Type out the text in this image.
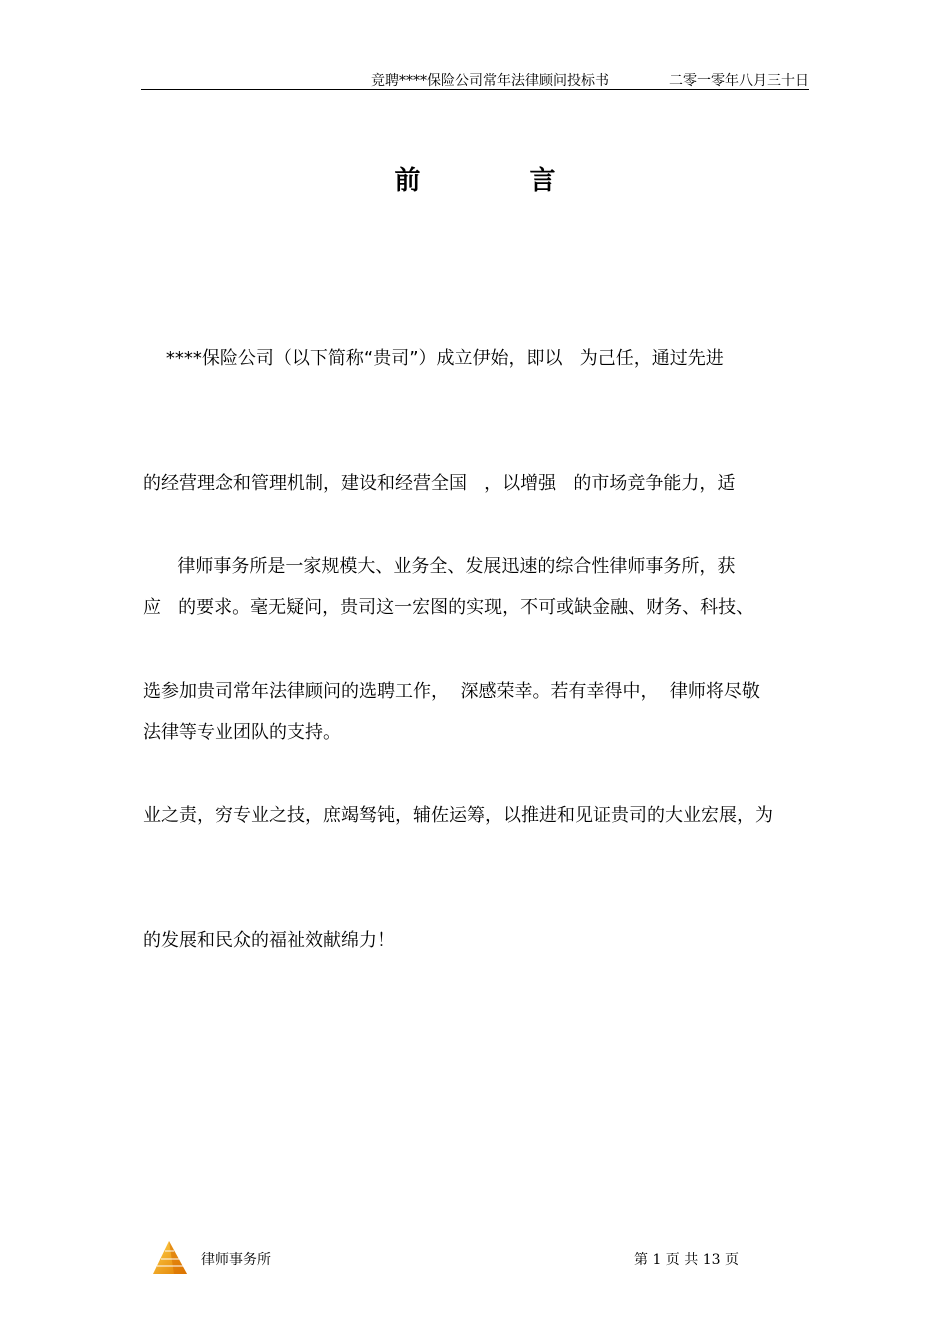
竞聘****保险公司常年法律顾问投标书	二零一零年八月三十日
前 言

****保险公司（以下简称“贵司”）成立伊始，即以   为己任，通过先进

的经营理念和管理机制，建设和经营全国   ，以增强   的市场竞争能力，适

应   的要求。毫无疑问，贵司这一宏图的实现，不可或缺金融、财务、科技、

法律等专业团队的支持。

律师事务所是一家规模大、业务全、发展迅速的综合性律师事务所，获

选参加贵司常年法律顾问的选聘工作，  深感荣幸。若有幸得中，  律师将尽敬

业之责，穷专业之技，庶竭驽钝，辅佐运筹，以推进和见证贵司的大业宏展，为

的发展和民众的福祉效献绵力！

律师事务所	第 1 页 共 13 页
